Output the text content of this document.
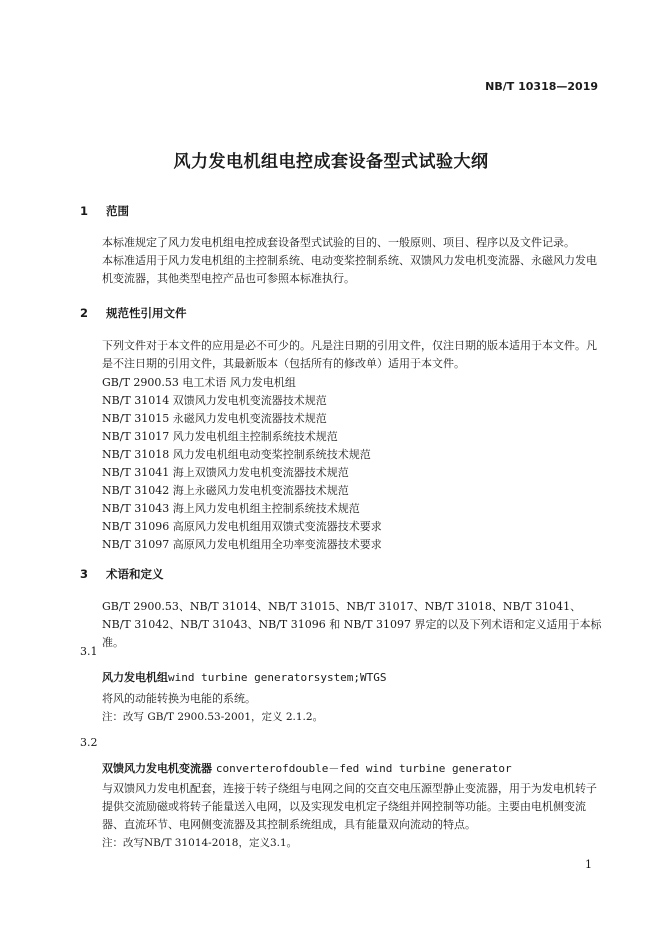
NB/T 10318—2019
风力发电机组电控成套设备型式试验大纲
1 范围
本标准规定了风力发电机组电控成套设备型式试验的目的、一般原则、项目、程序以及文件记录。
本标准适用于风力发电机组的主控制系统、电动变桨控制系统、双馈风力发电机变流器、永磁风力发电机变流器，其他类型电控产品也可参照本标准执行。
2 规范性引用文件
下列文件对于本文件的应用是必不可少的。凡是注日期的引用文件，仅注日期的版本适用于本文件。凡是不注日期的引用文件，其最新版本（包括所有的修改单）适用于本文件。
GB/T 2900.53 电工术语 风力发电机组
NB/T 31014 双馈风力发电机变流器技术规范
NB/T 31015 永磁风力发电机变流器技术规范
NB/T 31017 风力发电机组主控制系统技术规范
NB/T 31018 风力发电机组电动变桨控制系统技术规范
NB/T 31041 海上双馈风力发电机变流器技术规范
NB/T 31042 海上永磁风力发电机变流器技术规范
NB/T 31043 海上风力发电机组主控制系统技术规范
NB/T 31096 高原风力发电机组用双馈式变流器技术要求
NB/T 31097 高原风力发电机组用全功率变流器技术要求
3 术语和定义
GB/T 2900.53、NB/T 31014、NB/T 31015、NB/T 31017、NB/T 31018、NB/T 31041、NB/T 31042、NB/T 31043、NB/T 31096 和 NB/T 31097 界定的以及下列术语和定义适用于本标准。
3.1
风力发电机组wind turbine generatorsystem;WTGS
将风的动能转换为电能的系统。
注：改写 GB/T 2900.53-2001，定义 2.1.2。
3.2
双馈风力发电机变流器 converterofdouble－fed wind turbine generator
与双馈风力发电机配套，连接于转子绕组与电网之间的交直交电压源型静止变流器，用于为发电机转子提供交流励磁或将转子能量送入电网，以及实现发电机定子绕组并网控制等功能。主要由电机侧变流器、直流环节、电网侧变流器及其控制系统组成，具有能量双向流动的特点。
注：改写NB/T 31014-2018，定义3.1。
1
